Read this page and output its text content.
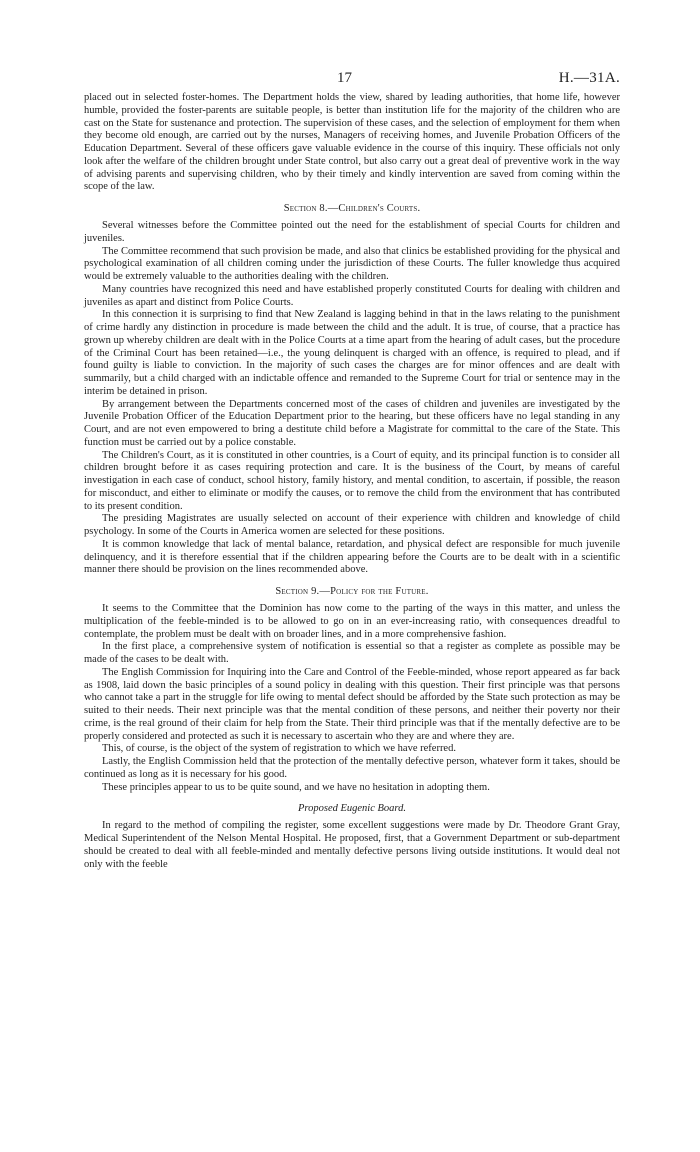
17	H.—31A.

placed out in selected foster-homes. The Department holds the view, shared by leading authorities, that home life, however humble, provided the foster-parents are suitable people, is better than institution life for the majority of the children who are cast on the State for sustenance and protection. The supervision of these cases, and the selection of employment for them when they become old enough, are carried out by the nurses, Managers of receiving homes, and Juvenile Probation Officers of the Education Department. Several of these officers gave valuable evidence in the course of this inquiry. These officials not only look after the welfare of the children brought under State control, but also carry out a great deal of preventive work in the way of advising parents and supervising children, who by their timely and kindly intervention are saved from coming within the scope of the law.

Section 8.—Children's Courts.

Several witnesses before the Committee pointed out the need for the establishment of special Courts for children and juveniles.

The Committee recommend that such provision be made, and also that clinics be established providing for the physical and psychological examination of all children coming under the jurisdiction of these Courts. The fuller knowledge thus acquired would be extremely valuable to the authorities dealing with the children.

Many countries have recognized this need and have established properly constituted Courts for dealing with children and juveniles as apart and distinct from Police Courts.

In this connection it is surprising to find that New Zealand is lagging behind in that in the laws relating to the punishment of crime hardly any distinction in procedure is made between the child and the adult. It is true, of course, that a practice has grown up whereby children are dealt with in the Police Courts at a time apart from the hearing of adult cases, but the procedure of the Criminal Court has been retained—i.e., the young delinquent is charged with an offence, is required to plead, and if found guilty is liable to conviction. In the majority of such cases the charges are for minor offences and are dealt with summarily, but a child charged with an indictable offence and remanded to the Supreme Court for trial or sentence may in the interim be detained in prison.

By arrangement between the Departments concerned most of the cases of children and juveniles are investigated by the Juvenile Probation Officer of the Education Department prior to the hearing, but these officers have no legal standing in any Court, and are not even empowered to bring a destitute child before a Magistrate for committal to the care of the State. This function must be carried out by a police constable.

The Children's Court, as it is constituted in other countries, is a Court of equity, and its principal function is to consider all children brought before it as cases requiring protection and care. It is the business of the Court, by means of careful investigation in each case of conduct, school history, family history, and mental condition, to ascertain, if possible, the reason for misconduct, and either to eliminate or modify the causes, or to remove the child from the environment that has contributed to its present condition.

The presiding Magistrates are usually selected on account of their experience with children and knowledge of child psychology. In some of the Courts in America women are selected for these positions.

It is common knowledge that lack of mental balance, retardation, and physical defect are responsible for much juvenile delinquency, and it is therefore essential that if the children appearing before the Courts are to be dealt with in a scientific manner there should be provision on the lines recommended above.

Section 9.—Policy for the Future.

It seems to the Committee that the Dominion has now come to the parting of the ways in this matter, and unless the multiplication of the feeble-minded is to be allowed to go on in an ever-increasing ratio, with consequences dreadful to contemplate, the problem must be dealt with on broader lines, and in a more comprehensive fashion.

In the first place, a comprehensive system of notification is essential so that a register as complete as possible may be made of the cases to be dealt with.

The English Commission for Inquiring into the Care and Control of the Feeble-minded, whose report appeared as far back as 1908, laid down the basic principles of a sound policy in dealing with this question. Their first principle was that persons who cannot take a part in the struggle for life owing to mental defect should be afforded by the State such protection as may be suited to their needs. Their next principle was that the mental condition of these persons, and neither their poverty nor their crime, is the real ground of their claim for help from the State. Their third principle was that if the mentally defective are to be properly considered and protected as such it is necessary to ascertain who they are and where they are.

This, of course, is the object of the system of registration to which we have referred.

Lastly, the English Commission held that the protection of the mentally defective person, whatever form it takes, should be continued as long as it is necessary for his good.

These principles appear to us to be quite sound, and we have no hesitation in adopting them.

Proposed Eugenic Board.

In regard to the method of compiling the register, some excellent suggestions were made by Dr. Theodore Grant Gray, Medical Superintendent of the Nelson Mental Hospital. He proposed, first, that a Government Department or sub-department should be created to deal with all feeble-minded and mentally defective persons living outside institutions. It would deal not only with the feeble
